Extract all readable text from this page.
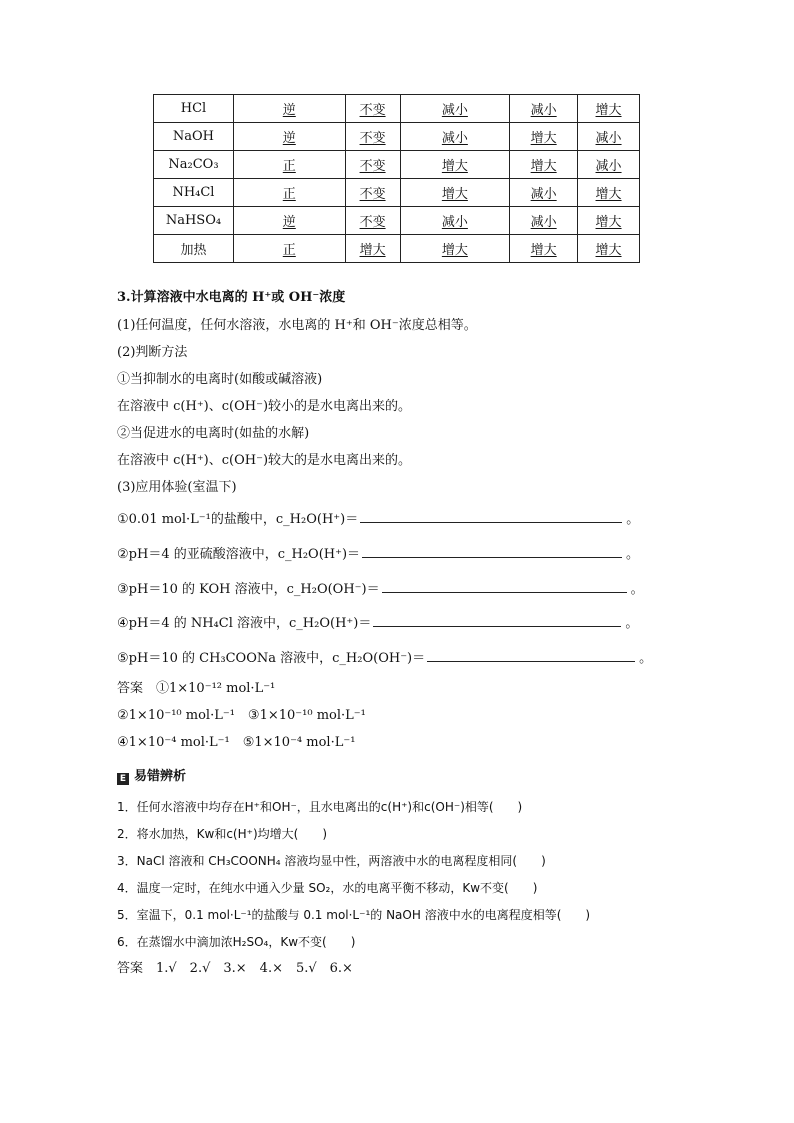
HCl	逆	不变	减小	减小	增大
NaOH	逆	不变	减小	增大	减小
Na₂CO₃	正	不变	增大	增大	减小
NH₄Cl	正	不变	增大	减小	增大
NaHSO₄	逆	不变	减小	减小	增大
加热	正	增大	增大	增大	增大
3.计算溶液中水电离的 H⁺或 OH⁻浓度
(1)任何温度，任何水溶液，水电离的 H⁺和 OH⁻浓度总相等。
(2)判断方法
①当抑制水的电离时(如酸或碱溶液)
在溶液中 c(H⁺)、c(OH⁻)较小的是水电离出来的。
②当促进水的电离时(如盐的水解)
在溶液中 c(H⁺)、c(OH⁻)较大的是水电离出来的。
(3)应用体验(室温下)
①0.01 mol·L⁻¹的盐酸中，c_H₂O(H⁺)＝	。
②pH＝4 的亚硫酸溶液中，c_H₂O(H⁺)＝	。
③pH＝10 的 KOH 溶液中，c_H₂O(OH⁻)＝	。
④pH＝4 的 NH₄Cl 溶液中，c_H₂O(H⁺)＝	。
⑤pH＝10 的 CH₃COONa 溶液中，c_H₂O(OH⁻)＝	。
答案　①1×10⁻¹² mol·L⁻¹
②1×10⁻¹⁰ mol·L⁻¹　③1×10⁻¹⁰ mol·L⁻¹
④1×10⁻⁴ mol·L⁻¹　⑤1×10⁻⁴ mol·L⁻¹
E 易错辨析
1．任何水溶液中均存在H⁺和OH⁻，且水电离出的c(H⁺)和c(OH⁻)相等(　　)
2．将水加热，Kw和c(H⁺)均增大(　　)
3．NaCl 溶液和 CH₃COONH₄ 溶液均显中性，两溶液中水的电离程度相同(　　)
4．温度一定时，在纯水中通入少量 SO₂，水的电离平衡不移动，Kw不变(　　)
5．室温下，0.1 mol·L⁻¹的盐酸与 0.1 mol·L⁻¹的 NaOH 溶液中水的电离程度相等(　　)
6．在蒸馏水中滴加浓H₂SO₄，Kw不变(　　)
答案　1.√　2.√　3.×　4.×　5.√　6.×
